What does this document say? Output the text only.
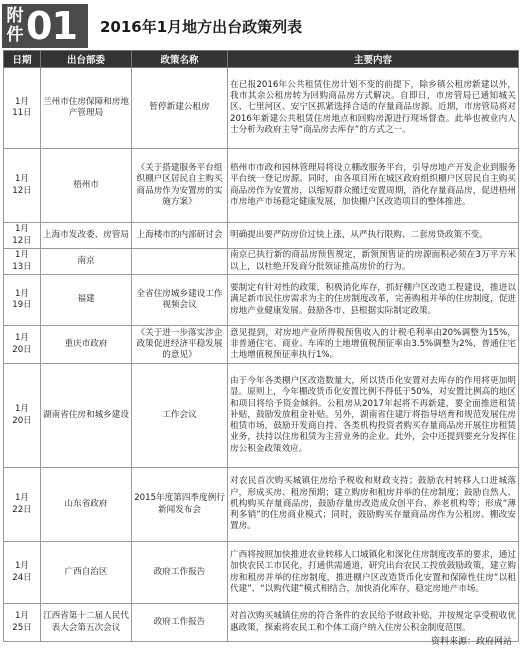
附件 01 2016年1月地方出台政策列表
日期	出台部委	政策名称	主要内容

1月
11日	兰州市住房保障和房地产管理局	暂停新建公租房	在已报2016年公共租赁住房计划不变的前提下，除乡镇公租房新建以外，我市其余公租房转为回购商品房方式解决。自即日，市房管局已通知城关区、七里河区、安宁区抓紧选择合适的存量商品房源。近期，市房管局将对2016年新建公共租赁住房地点和回购房源进行现场督查。此举也被业内人士分析为政府主导“商品房去库存”的方式之一。

1月
12日	梧州市	《关于搭建服务平台组织棚户区居民自主购买商品房作为安置房的实施方案》	梧州市市政和园林管理局将设立棚改服务平台，引导房地产开发企业到服务平台统一登记房源。同时，由各项目所在城区政府组织棚户区居民自主购买商品房作为安置房，以缩短群众搬迁安置周期，消化存量商品房，促进梧州市房地产市场稳定健康发展，加快棚户区改造项目的整体推进。

1月
12日	上海市发改委、房管局	上海楼市的内部研讨会	明确提出要严防房价过快上涨，从严执行限购、二套房贷政策不变。

1月
13日	南京		南京已执行新的商品房预售规定，新领预售证的房源面积必须在3万平方米以上，以杜绝开发商分批领证推高房价的行为。

1月
19日	福建	全省住房城乡建设工作视频会议	要制定有针对性的政策，积极消化库存，抓好棚户区改造工程建设，推进以满足新市民住房需求为主的住房制度改革，完善购租并举的住房制度，促进房地产业健康发展。鼓励各市、县根据实际制定政策。

1月
20日	重庆市政府	《关于进一步落实涉企政策促进经济平稳发展的意见》	意见提到，对房地产业所得税预售收入的计税毛利率由20%调整为15%，非普通住宅、商业、车库的土地增值税预征率由3.5%调整为2%，普通住宅土地增值税预征率执行1%。

1月
20日	湖南省住房和城乡建设	工作会议	由于今年各类棚户区改造数量大，所以货币化安置对去库存的作用将更加明显。原则上，今年棚改货币化安置比例不得低于50%，对安置比例高的地区和项目将给予资金倾斜。公租房从2017年起将不再新建，要全面推进租赁补贴，鼓励发放租金补贴。另外，湖南省住建厅将指导培育和规范发展住房租赁市场，鼓励开发商自持、各类机构投资者购买存量商品房开展住房租赁业务，扶持以住房租赁为主营业务的企业。此外，会中还提到要充分发挥住房公积金政策效应。

1月
22日	山东省政府	2015年度第四季度例行新闻发布会	对农民首次购买城镇住房给予税收和财政支持；鼓励农村转移人口进城落户，形成买房、租房预期；建立购房和租房并举的住房制度；鼓励自然人、机构购买存量商品房，鼓励存量房改造成众创平台、养老机构等；形成“薄利多销”的住房商业模式；同时，鼓励购买存量商品房作为公租房、棚改安置房。

1月
24日	广西自治区	政府工作报告	广西将按照加快推进农业转移人口城镇化和深化住房制度改革的要求，通过加快农民工市民化，打通供需通道，研究出台农民工投放鼓励政策，建立购房和租房并举的住房制度，推进棚户区改造货币化安置和保障性住房“以租代建”、“以购代建”模式相结合，加快消化库存，稳定房地产市场。

1月
25日	江西省第十二届人民代表大会第五次会议	政府工作报告	对首次购买城镇住房的符合条件的农民给予财政补贴，并按规定享受税收优惠政策，探索将农民工和个体工商户纳入住房公积金制度范围。
资料来源：政府网站
